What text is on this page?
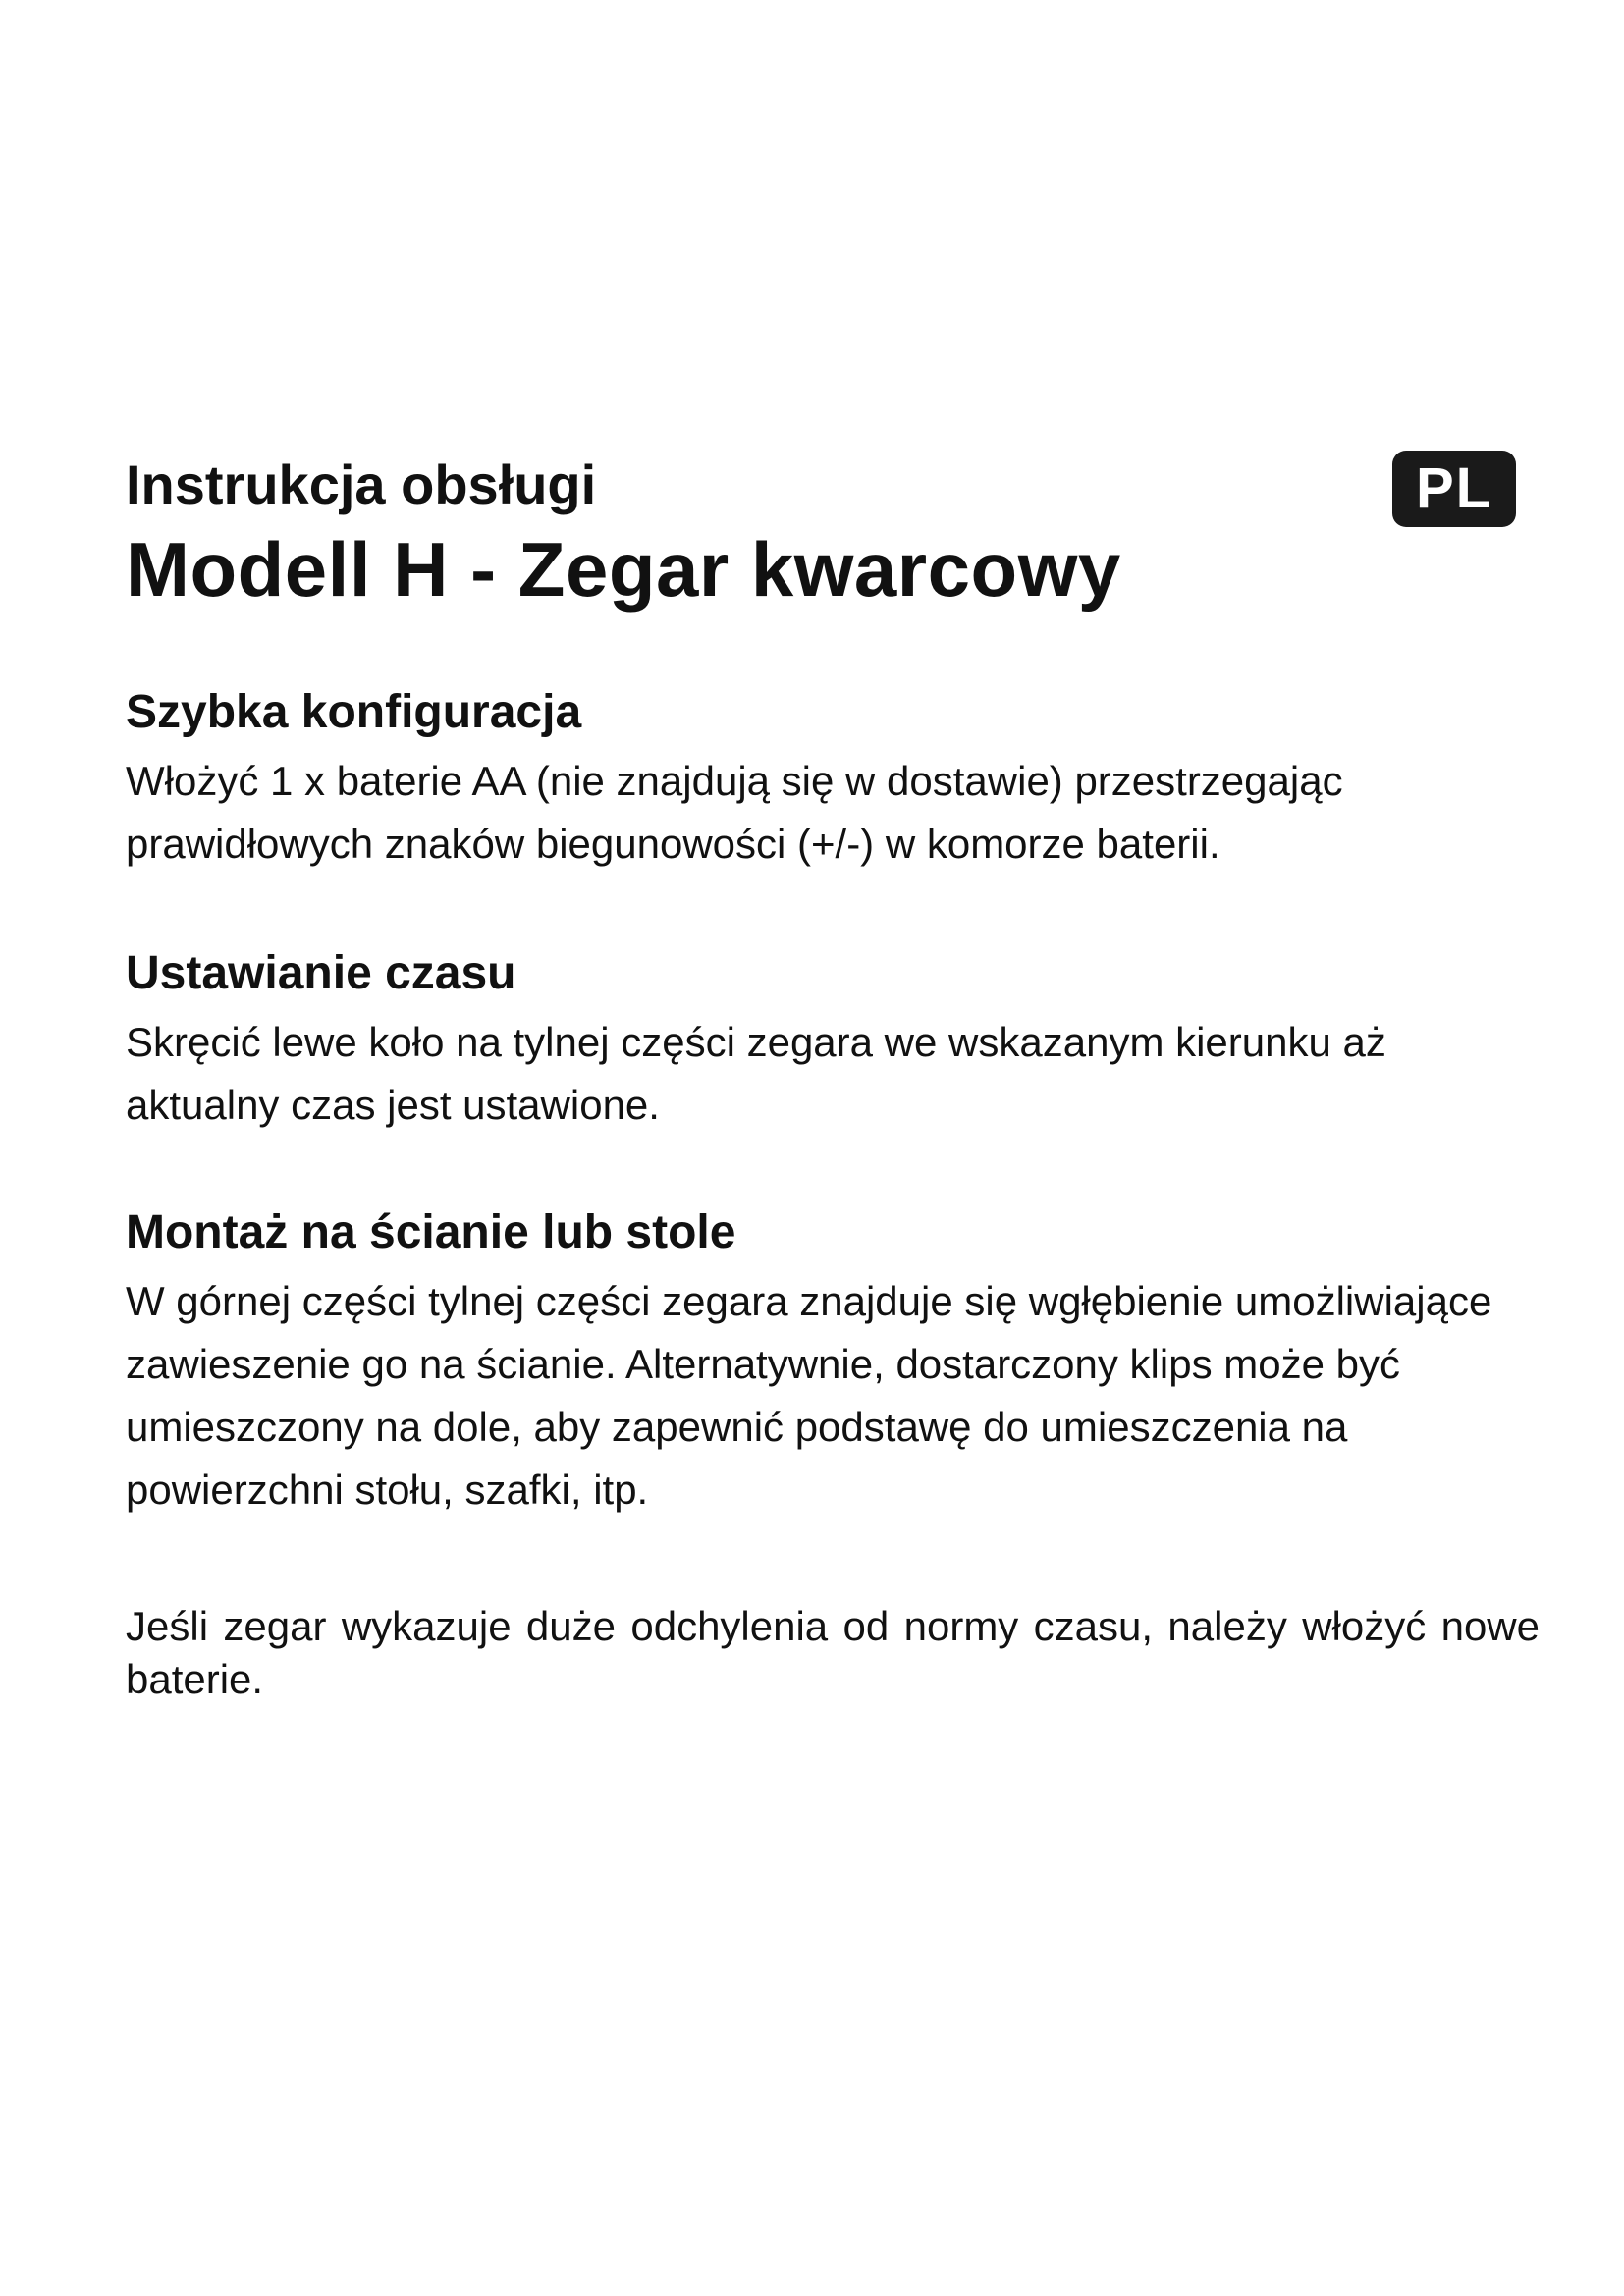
Instrukcja obsługi
Modell H - Zegar kwarcowy
PL
Szybka konfiguracja

Włożyć 1 x baterie AA (nie znajdują się w dostawie) przestrzegając prawidłowych znaków biegunowości (+/-) w komorze baterii.

Ustawianie czasu

Skręcić lewe koło na tylnej części zegara we wskazanym kierunku aż aktualny czas jest ustawione.

Montaż na ścianie lub stole

W górnej części tylnej części zegara znajduje się wgłębienie umożliwiające zawieszenie go na ścianie. Alternatywnie, dostarczony klips może być umieszczony na dole, aby zapewnić podstawę do umieszczenia na powierzchni stołu, szafki, itp.

Jeśli zegar wykazuje duże odchylenia od normy czasu, należy włożyć nowe baterie.
